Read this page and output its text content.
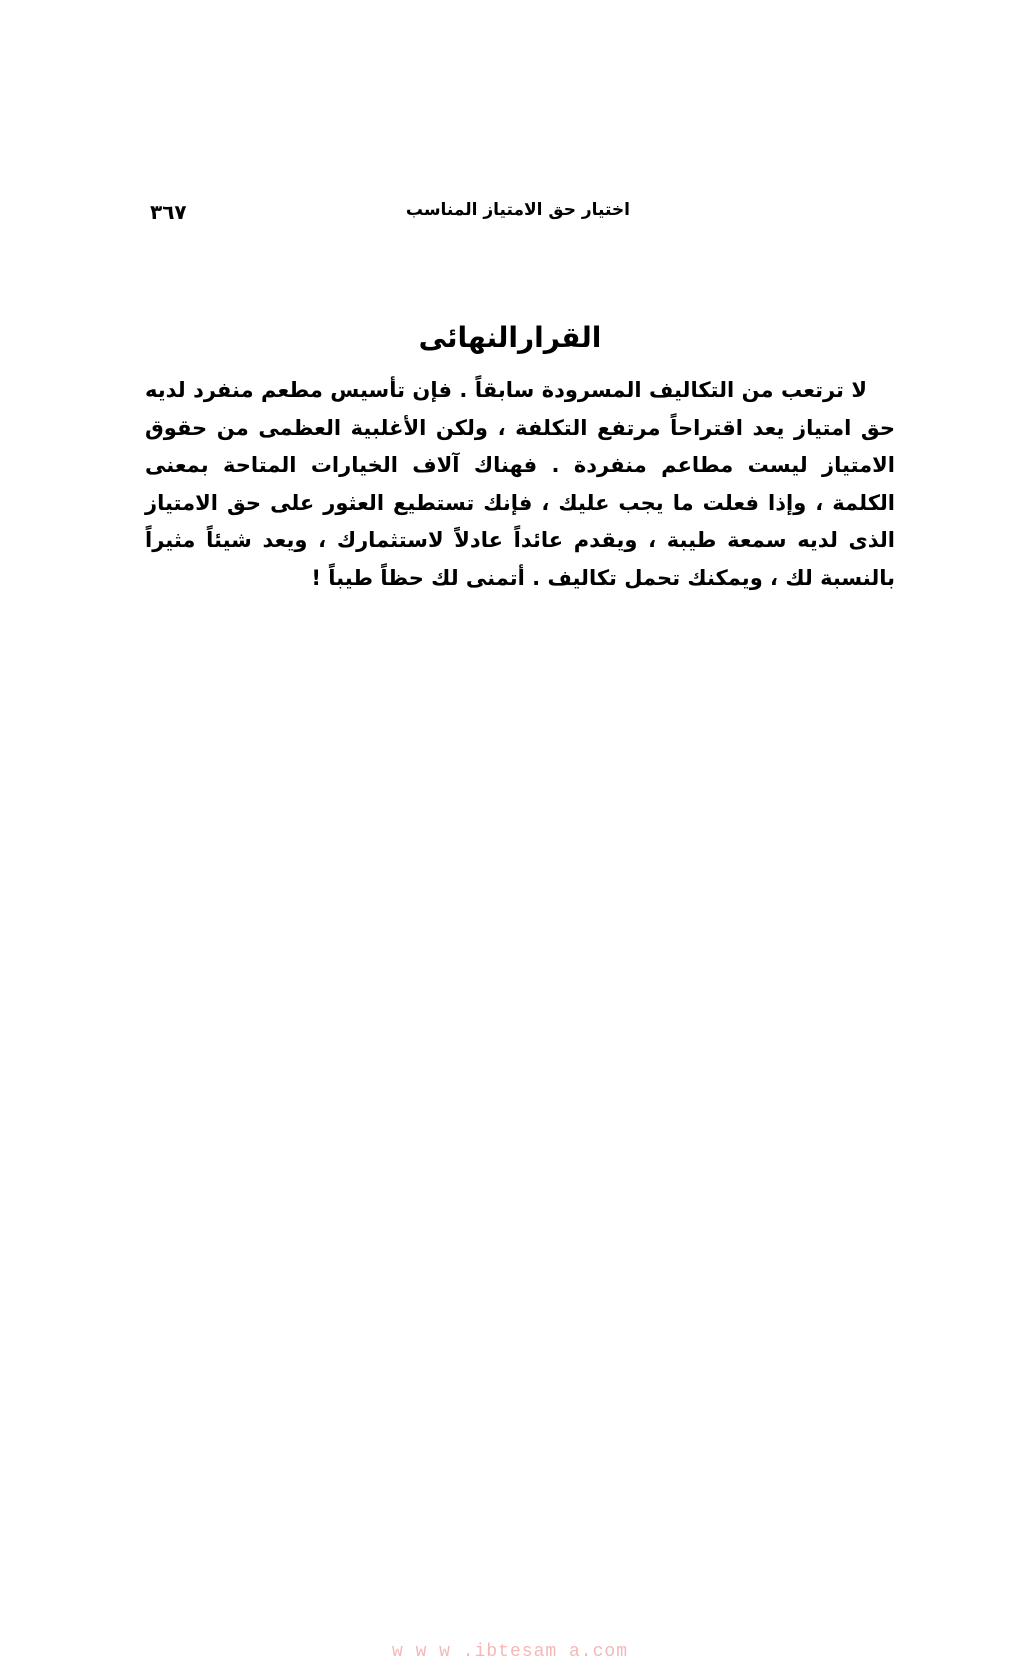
٣٦٧	اختيار حق الامتياز المناسب
القرارالنهائى

لا ترتعب من التكاليف المسرودة سابقاً . فإن تأسيس مطعم منفرد لديه حق امتياز يعد اقتراحاً مرتفع التكلفة ، ولكن الأغلبية العظمى من حقوق الامتياز ليست مطاعم منفردة . فهناك آلاف الخيارات المتاحة بمعنى الكلمة ، وإذا فعلت ما يجب عليك ، فإنك تستطيع العثور على حق الامتياز الذى لديه سمعة طيبة ، ويقدم عائداً عادلاً لاستثمارك ، ويعد شيئاً مثيراً بالنسبة لك ، ويمكنك تحمل تكاليف . أتمنى لك حظاً طيباً !

w w w .ibtesam a.com
